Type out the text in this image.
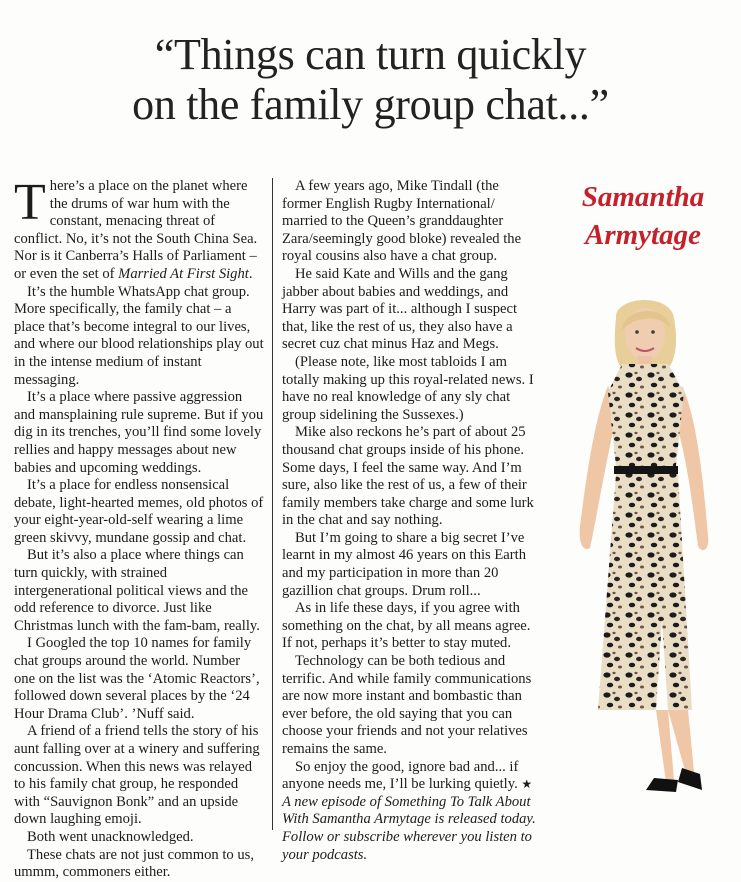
“Things can turn quickly
on the family group chat...”

There’s a place on the planet where the drums of war hum with the constant, menacing threat of conflict. No, it’s not the South China Sea. Nor is it Canberra’s Halls of Parliament – or even the set of Married At First Sight.

It’s the humble WhatsApp chat group. More specifically, the family chat – a place that’s become integral to our lives, and where our blood relationships play out in the intense medium of instant messaging.

It’s a place where passive aggression and mansplaining rule supreme. But if you dig in its trenches, you’ll find some lovely rellies and happy messages about new babies and upcoming weddings.

It’s a place for endless nonsensical debate, light-hearted memes, old photos of your eight-year-old-self wearing a lime green skivvy, mundane gossip and chat.

But it’s also a place where things can turn quickly, with strained intergenerational political views and the odd reference to divorce. Just like Christmas lunch with the fam-bam, really.

I Googled the top 10 names for family chat groups around the world. Number one on the list was the ‘Atomic Reactors’, followed down several places by the ‘24 Hour Drama Club’. ’Nuff said.

A friend of a friend tells the story of his aunt falling over at a winery and suffering concussion. When this news was relayed to his family chat group, he responded with “Sauvignon Bonk” and an upside down laughing emoji.

Both went unacknowledged.

These chats are not just common to us, ummm, commoners either.

A few years ago, Mike Tindall (the former English Rugby International/ married to the Queen’s granddaughter Zara/seemingly good bloke) revealed the royal cousins also have a chat group.

He said Kate and Wills and the gang jabber about babies and weddings, and Harry was part of it... although I suspect that, like the rest of us, they also have a secret cuz chat minus Haz and Megs.

(Please note, like most tabloids I am totally making up this royal-related news. I have no real knowledge of any sly chat group sidelining the Sussexes.)

Mike also reckons he’s part of about 25 thousand chat groups inside of his phone. Some days, I feel the same way. And I’m sure, also like the rest of us, a few of their family members take charge and some lurk in the chat and say nothing.

But I’m going to share a big secret I’ve learnt in my almost 46 years on this Earth and my participation in more than 20 gazillion chat groups. Drum roll...

As in life these days, if you agree with something on the chat, by all means agree. If not, perhaps it’s better to stay muted.

Technology can be both tedious and terrific. And while family communications are now more instant and bombastic than ever before, the old saying that you can choose your friends and not your relatives remains the same.

So enjoy the good, ignore bad and... if anyone needs me, I’ll be lurking quietly. ★

A new episode of Something To Talk About With Samantha Armytage is released today. Follow or subscribe wherever you listen to your podcasts.

Samantha
Armytage
